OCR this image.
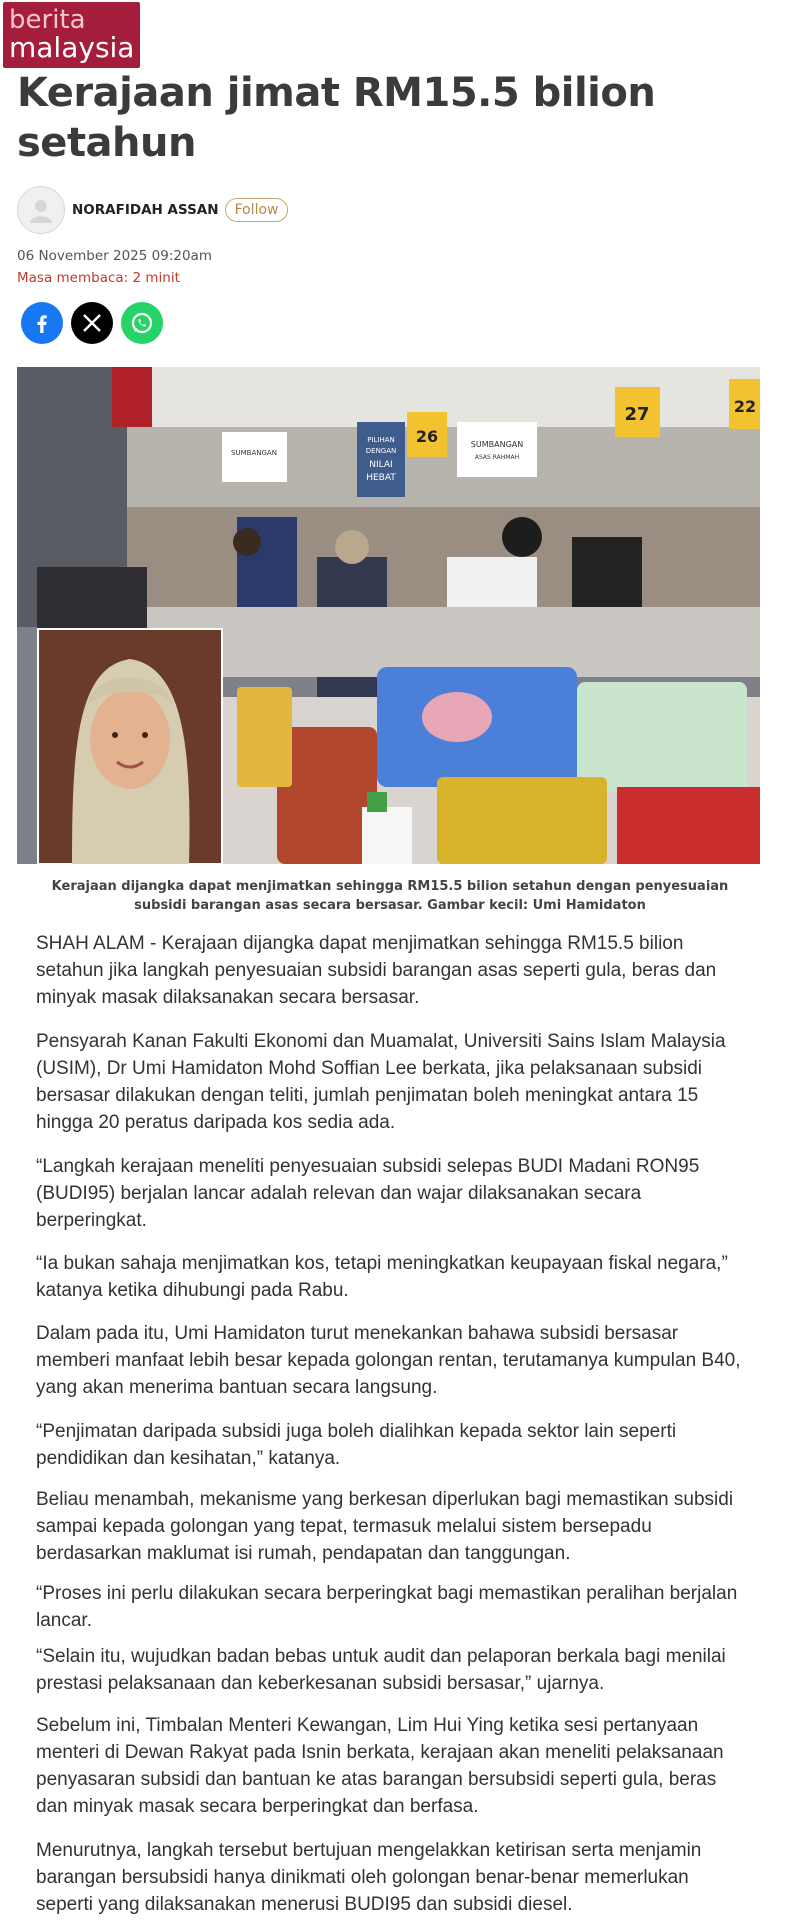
berita
malaysia
Kerajaan jimat RM15.5 bilion setahun
NORAFIDAH ASSAN	Follow
06 November 2025 09:20am
Masa membaca: 2 minit
SUMBANGAN
SUMBANGAN
ASAS RAHMAH
PILIHAN
DENGAN
NILAI
HEBAT
26
27	22
Kerajaan dijangka dapat menjimatkan sehingga RM15.5 bilion setahun dengan penyesuaian subsidi barangan asas secara bersasar. Gambar kecil: Umi Hamidaton

SHAH ALAM - Kerajaan dijangka dapat menjimatkan sehingga RM15.5 bilion setahun jika langkah penyesuaian subsidi barangan asas seperti gula, beras dan minyak masak dilaksanakan secara bersasar.

Pensyarah Kanan Fakulti Ekonomi dan Muamalat, Universiti Sains Islam Malaysia (USIM), Dr Umi Hamidaton Mohd Soffian Lee berkata, jika pelaksanaan subsidi bersasar dilakukan dengan teliti, jumlah penjimatan boleh meningkat antara 15 hingga 20 peratus daripada kos sedia ada.

“Langkah kerajaan meneliti penyesuaian subsidi selepas BUDI Madani RON95 (BUDI95) berjalan lancar adalah relevan dan wajar dilaksanakan secara berperingkat.

“Ia bukan sahaja menjimatkan kos, tetapi meningkatkan keupayaan fiskal negara,” katanya ketika dihubungi pada Rabu.

Dalam pada itu, Umi Hamidaton turut menekankan bahawa subsidi bersasar memberi manfaat lebih besar kepada golongan rentan, terutamanya kumpulan B40, yang akan menerima bantuan secara langsung.

“Penjimatan daripada subsidi juga boleh dialihkan kepada sektor lain seperti pendidikan dan kesihatan,” katanya.

Beliau menambah, mekanisme yang berkesan diperlukan bagi memastikan subsidi sampai kepada golongan yang tepat, termasuk melalui sistem bersepadu berdasarkan maklumat isi rumah, pendapatan dan tanggungan.

“Proses ini perlu dilakukan secara berperingkat bagi memastikan peralihan berjalan lancar.

“Selain itu, wujudkan badan bebas untuk audit dan pelaporan berkala bagi menilai prestasi pelaksanaan dan keberkesanan subsidi bersasar,” ujarnya.

Sebelum ini, Timbalan Menteri Kewangan, Lim Hui Ying ketika sesi pertanyaan menteri di Dewan Rakyat pada Isnin berkata, kerajaan akan meneliti pelaksanaan penyasaran subsidi dan bantuan ke atas barangan bersubsidi seperti gula, beras dan minyak masak secara berperingkat dan berfasa.

Menurutnya, langkah tersebut bertujuan mengelakkan ketirisan serta menjamin barangan bersubsidi hanya dinikmati oleh golongan benar-benar memerlukan seperti yang dilaksanakan menerusi BUDI95 dan subsidi diesel.
